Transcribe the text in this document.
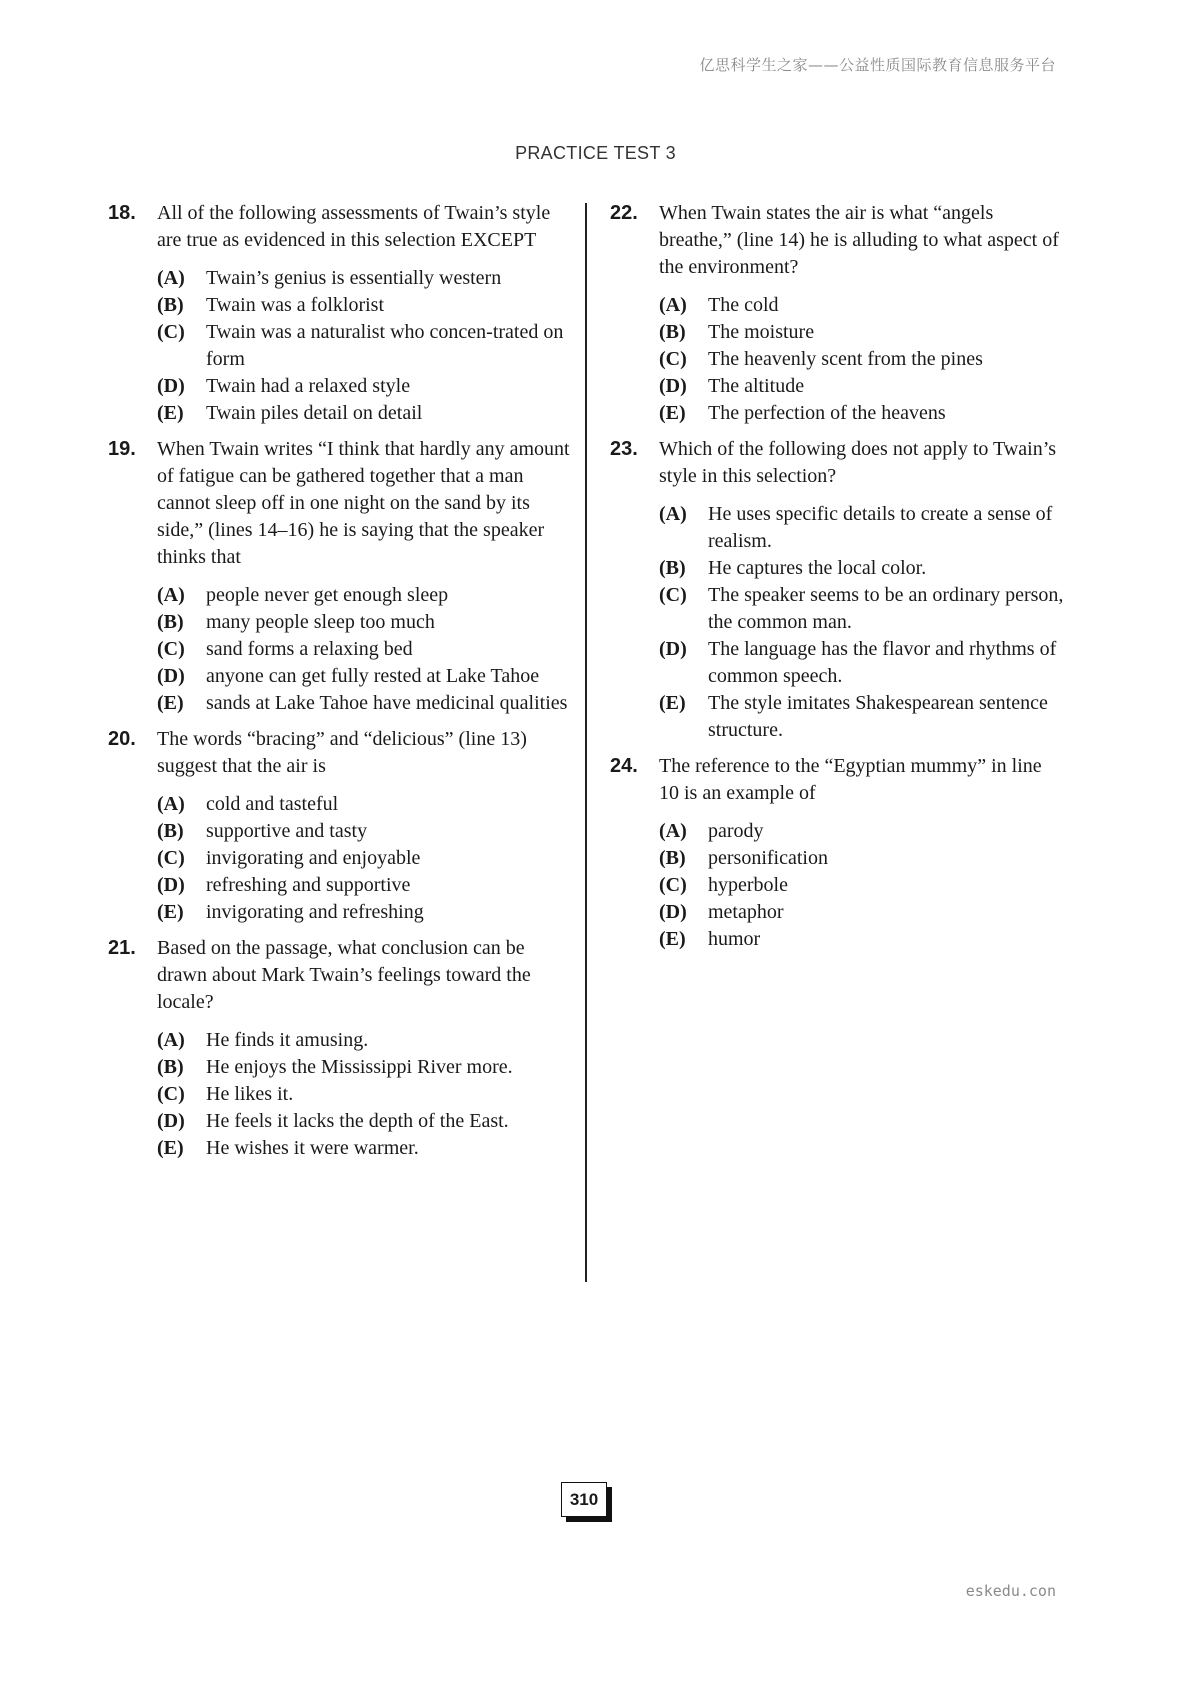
亿思科学生之家——公益性质国际教育信息服务平台
PRACTICE TEST 3
18. All of the following assessments of Twain’s style are true as evidenced in this selection EXCEPT
(A) Twain’s genius is essentially western
(B) Twain was a folklorist
(C) Twain was a naturalist who concen-trated on form
(D) Twain had a relaxed style
(E) Twain piles detail on detail
19. When Twain writes “I think that hardly any amount of fatigue can be gathered together that a man cannot sleep off in one night on the sand by its side,” (lines 14–16) he is saying that the speaker thinks that
(A) people never get enough sleep
(B) many people sleep too much
(C) sand forms a relaxing bed
(D) anyone can get fully rested at Lake Tahoe
(E) sands at Lake Tahoe have medicinal qualities
20. The words “bracing” and “delicious” (line 13) suggest that the air is
(A) cold and tasteful
(B) supportive and tasty
(C) invigorating and enjoyable
(D) refreshing and supportive
(E) invigorating and refreshing
21. Based on the passage, what conclusion can be drawn about Mark Twain’s feelings toward the locale?
(A) He finds it amusing.
(B) He enjoys the Mississippi River more.
(C) He likes it.
(D) He feels it lacks the depth of the East.
(E) He wishes it were warmer.
22. When Twain states the air is what “angels breathe,” (line 14) he is alluding to what aspect of the environment?
(A) The cold
(B) The moisture
(C) The heavenly scent from the pines
(D) The altitude
(E) The perfection of the heavens
23. Which of the following does not apply to Twain’s style in this selection?
(A) He uses specific details to create a sense of realism.
(B) He captures the local color.
(C) The speaker seems to be an ordinary person, the common man.
(D) The language has the flavor and rhythms of common speech.
(E) The style imitates Shakespearean sentence structure.
24. The reference to the “Egyptian mummy” in line 10 is an example of
(A) parody
(B) personification
(C) hyperbole
(D) metaphor
(E) humor
310
eskedu.con
